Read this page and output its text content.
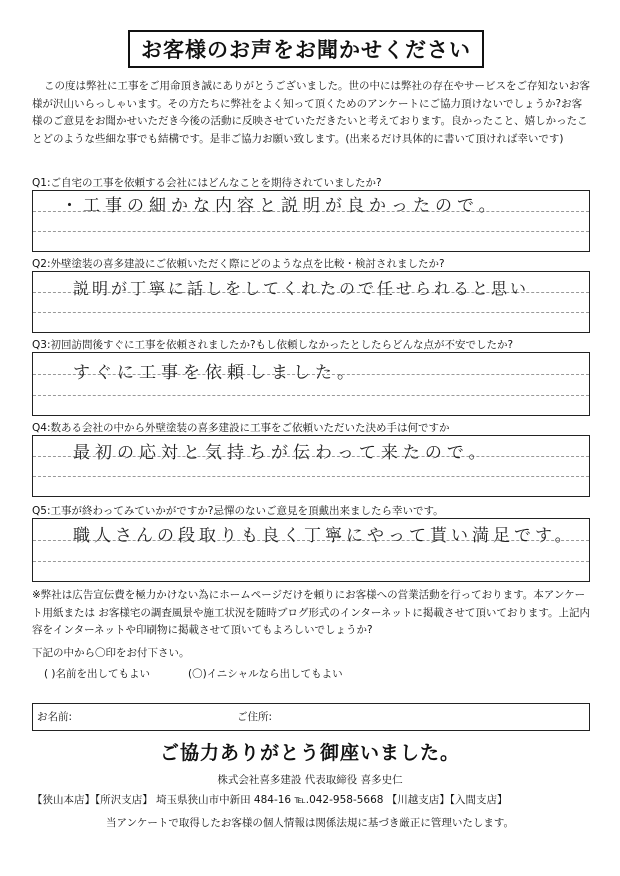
お客様のお声をお聞かせください
この度は弊社に工事をご用命頂き誠にありがとうございました。世の中には弊社の存在やサービスをご存知ないお客様が沢山いらっしゃいます。その方たちに弊社をよく知って頂くためのアンケートにご協力頂けないでしょうか?お客様のご意見をお聞かせいただき今後の活動に反映させていただきたいと考えております。良かったこと、嬉しかったことどのような些細な事でも結構です。是非ご協力お願い致します。(出来るだけ具体的に書いて頂ければ幸いです)
Q1:ご自宅の工事を依頼する会社にはどんなことを期待されていましたか?
・工事の細かな内容と説明が良かったので。
Q2:外壁塗装の喜多建設にご依頼いただく際にどのような点を比較・検討されましたか?
説明が丁寧に話しをしてくれたので任せられると思い
Q3:初回訪問後すぐに工事を依頼されましたか?もし依頼しなかったとしたらどんな点が不安でしたか?
すぐに工事を依頼しました。
Q4:数ある会社の中から外壁塗装の喜多建設に工事をご依頼いただいた決め手は何ですか
最初の応対と気持ちが伝わって来たので。
Q5:工事が終わってみていかがですか?忌憚のないご意見を頂戴出来ましたら幸いです。
職人さんの段取りも良く丁寧にやって貰い満足です。
※弊社は広告宣伝費を極力かけない為にホームページだけを頼りにお客様への営業活動を行っております。本アンケート用紙または お客様宅の調査風景や施工状況を随時ブログ形式のインターネットに掲載させて頂いております。上記内容をインターネットや印刷物に掲載させて頂いてもよろしいでしょうか?
下記の中から〇印をお付下さい。
( )名前を出してもよい	(〇)イニシャルなら出してもよい
お名前:	ご住所:
ご協力ありがとう御座いました。
株式会社喜多建設 代表取締役 喜多史仁
【狭山本店】【所沢支店】 埼玉県狭山市中新田 484-16 ℡.042-958-5668 【川越支店】【入間支店】
当アンケートで取得したお客様の個人情報は関係法規に基づき厳正に管理いたします。
